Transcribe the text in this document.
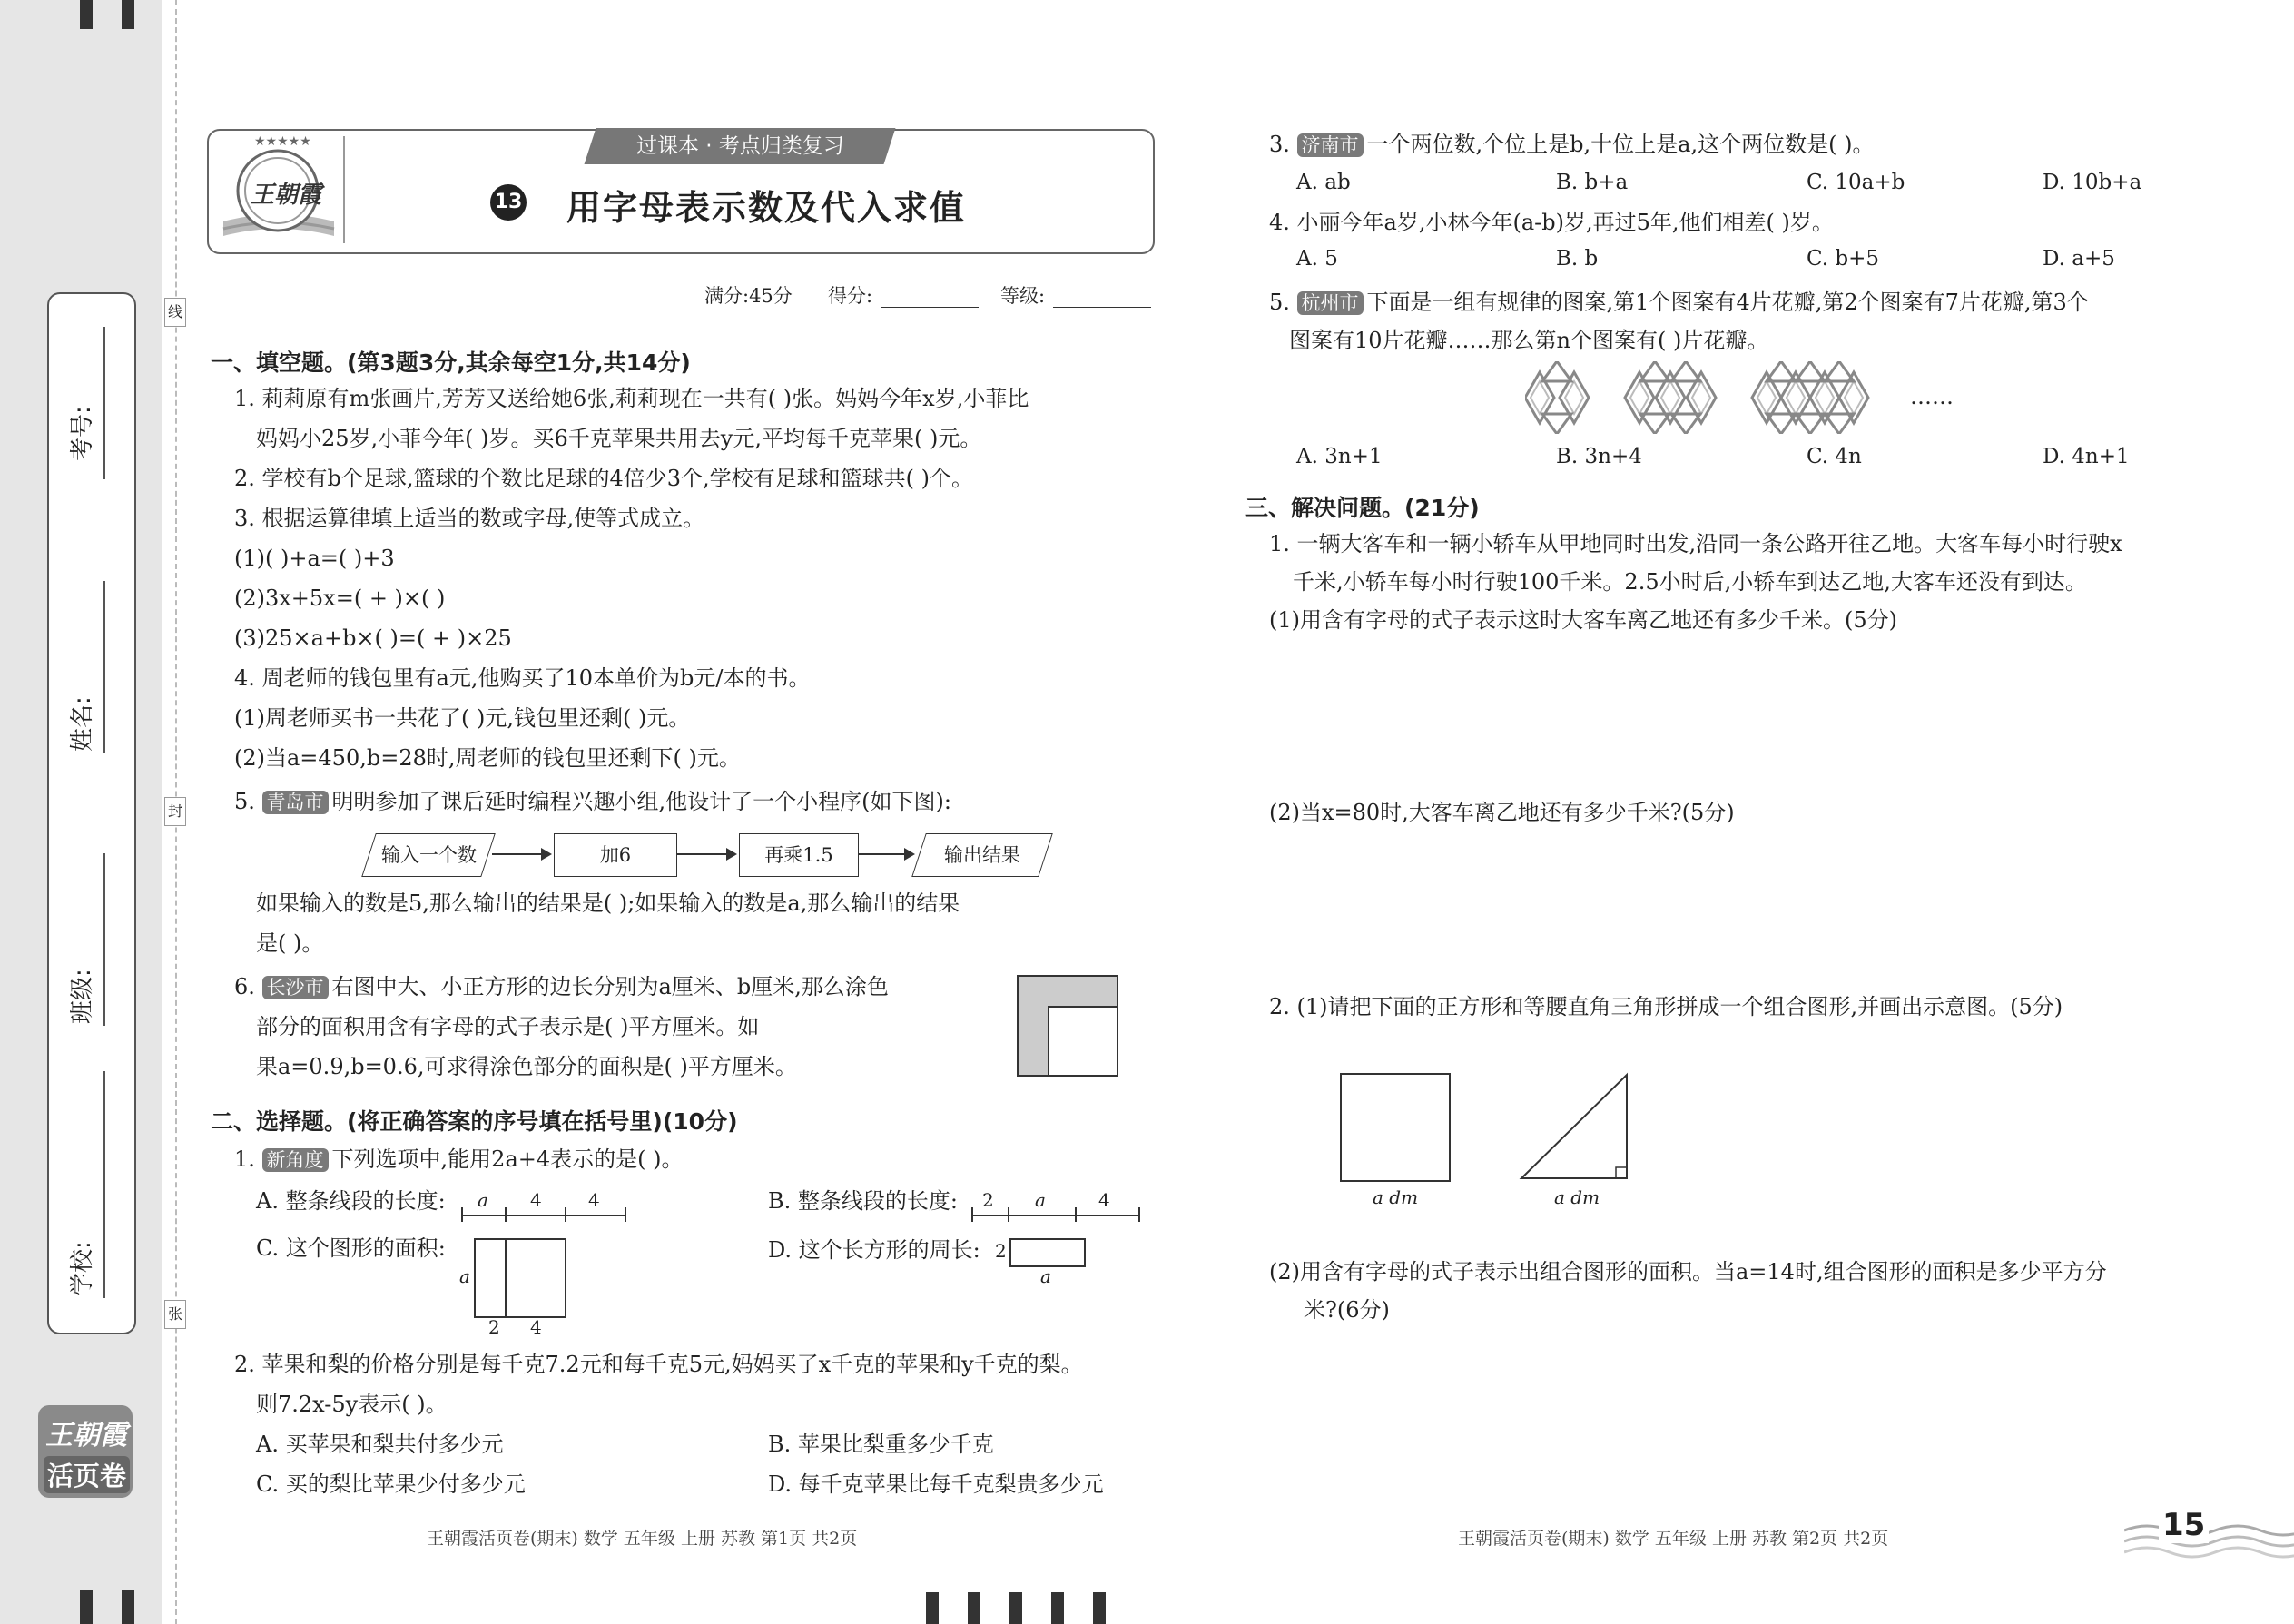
考号:
姓名:
班级:
学校:
线
封
张
王朝霞
活页卷
★★★★★
王朝霞
过课本 · 考点归类复习
13 用字母表示数及代入求值
满分:45分 得分:	等级:
一、填空题。(第3题3分,其余每空1分,共14分)
1. 莉莉原有m张画片,芳芳又送给她6张,莉莉现在一共有( )张。妈妈今年x岁,小菲比
妈妈小25岁,小菲今年( )岁。买6千克苹果共用去y元,平均每千克苹果( )元。
2. 学校有b个足球,篮球的个数比足球的4倍少3个,学校有足球和篮球共( )个。
3. 根据运算律填上适当的数或字母,使等式成立。
(1)( )+a=( )+3
(2)3x+5x=( + )×( )
(3)25×a+b×( )=( + )×25
4. 周老师的钱包里有a元,他购买了10本单价为b元/本的书。
(1)周老师买书一共花了( )元,钱包里还剩( )元。
(2)当a=450,b=28时,周老师的钱包里还剩下( )元。
5. 青岛市 明明参加了课后延时编程兴趣小组,他设计了一个小程序(如下图):
输入一个数	加6	再乘1.5	输出结果
如果输入的数是5,那么输出的结果是( );如果输入的数是a,那么输出的结果
是( )。
6. 长沙市 右图中大、小正方形的边长分别为a厘米、b厘米,那么涂色
部分的面积用含有字母的式子表示是( )平方厘米。如
果a=0.9,b=0.6,可求得涂色部分的面积是( )平方厘米。
二、选择题。(将正确答案的序号填在括号里)(10分)
1. 新角度 下列选项中,能用2a+4表示的是( )。
A. 整条线段的长度: a 4	4	B. 整条线段的长度: 2 a	4
C. 这个图形的面积:
a
2 4
D. 这个长方形的周长: 2
a
2. 苹果和梨的价格分别是每千克7.2元和每千克5元,妈妈买了x千克的苹果和y千克的梨。
则7.2x-5y表示( )。
A. 买苹果和梨共付多少元	B. 苹果比梨重多少千克
C. 买的梨比苹果少付多少元	D. 每千克苹果比每千克梨贵多少元
王朝霞活页卷(期末) 数学 五年级 上册 苏教 第1页 共2页
3. 济南市 一个两位数,个位上是b,十位上是a,这个两位数是( )。
A. ab	B. b+a	C. 10a+b	D. 10b+a
4. 小丽今年a岁,小林今年(a-b)岁,再过5年,他们相差( )岁。
A. 5	B. b	C. b+5	D. a+5
5. 杭州市 下面是一组有规律的图案,第1个图案有4片花瓣,第2个图案有7片花瓣,第3个
图案有10片花瓣……那么第n个图案有( )片花瓣。
……
A. 3n+1	B. 3n+4	C. 4n	D. 4n+1
三、解决问题。(21分)
1. 一辆大客车和一辆小轿车从甲地同时出发,沿同一条公路开往乙地。大客车每小时行驶x
千米,小轿车每小时行驶100千米。2.5小时后,小轿车到达乙地,大客车还没有到达。
(1)用含有字母的式子表示这时大客车离乙地还有多少千米。(5分)
(2)当x=80时,大客车离乙地还有多少千米?(5分)
2. (1)请把下面的正方形和等腰直角三角形拼成一个组合图形,并画出示意图。(5分)
a dm	a dm
(2)用含有字母的式子表示出组合图形的面积。当a=14时,组合图形的面积是多少平方分
米?(6分)
王朝霞活页卷(期末) 数学 五年级 上册 苏教 第2页 共2页	15
